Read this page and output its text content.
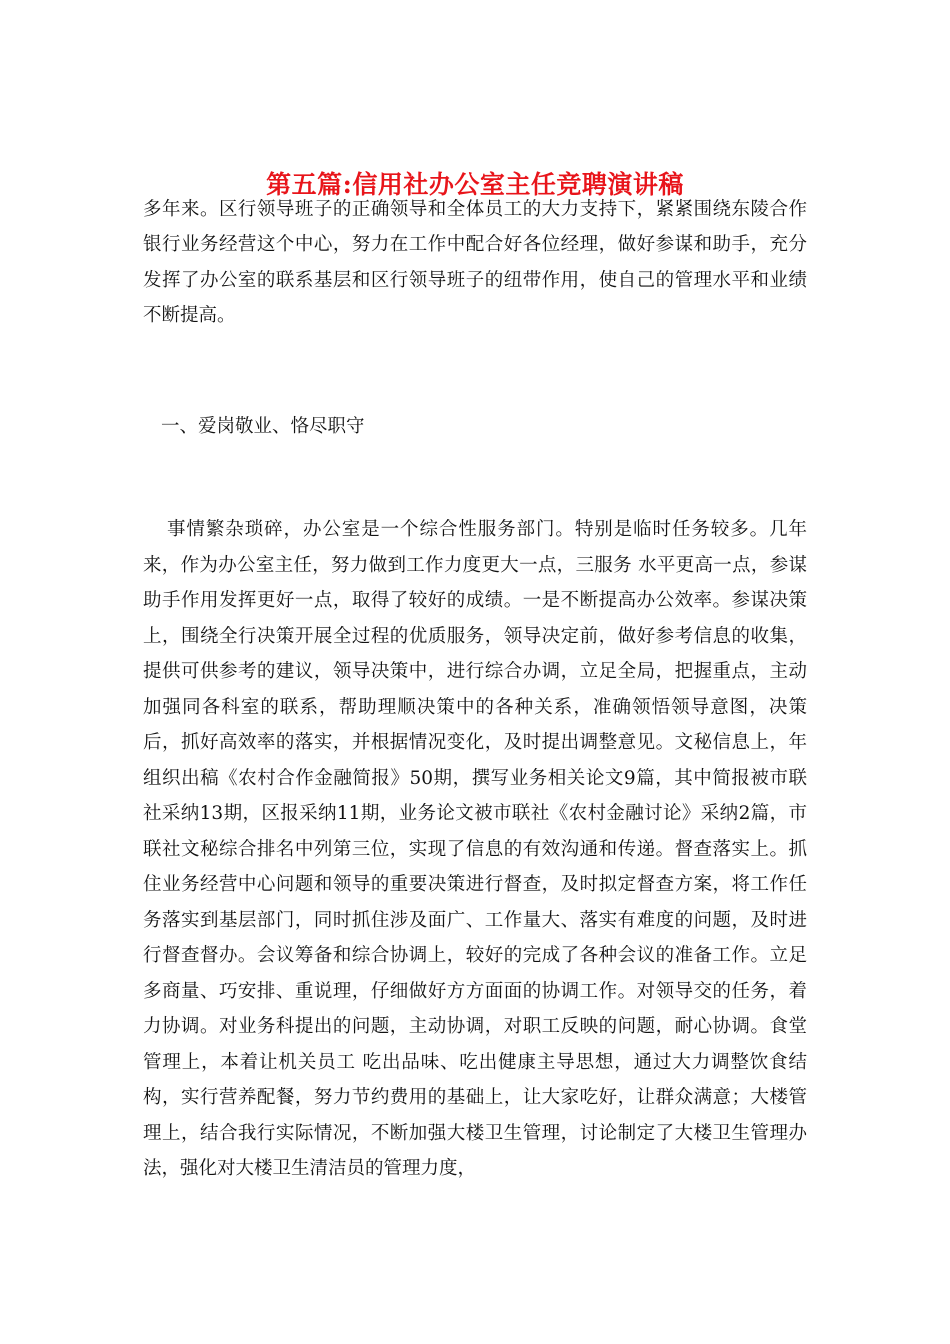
第五篇:信用社办公室主任竞聘演讲稿

多年来。区行领导班子的正确领导和全体员工的大力支持下，紧紧围绕东陵合作银行业务经营这个中心，努力在工作中配合好各位经理，做好参谋和助手，充分发挥了办公室的联系基层和区行领导班子的纽带作用，使自己的管理水平和业绩不断提高。

一、爱岗敬业、恪尽职守

事情繁杂琐碎，办公室是一个综合性服务部门。特别是临时任务较多。几年来，作为办公室主任，努力做到工作力度更大一点，三服务 水平更高一点，参谋助手作用发挥更好一点，取得了较好的成绩。一是不断提高办公效率。参谋决策上，围绕全行决策开展全过程的优质服务，领导决定前，做好参考信息的收集，提供可供参考的建议，领导决策中，进行综合办调，立足全局，把握重点，主动加强同各科室的联系，帮助理顺决策中的各种关系，准确领悟领导意图，决策后，抓好高效率的落实，并根据情况变化，及时提出调整意见。文秘信息上，年组织出稿《农村合作金融简报》50期，撰写业务相关论文9篇，其中简报被市联社采纳13期，区报采纳11期，业务论文被市联社《农村金融讨论》采纳2篇，市联社文秘综合排名中列第三位，实现了信息的有效沟通和传递。督查落实上。抓住业务经营中心问题和领导的重要决策进行督查，及时拟定督查方案，将工作任务落实到基层部门，同时抓住涉及面广、工作量大、落实有难度的问题，及时进行督查督办。会议筹备和综合协调上，较好的完成了各种会议的准备工作。立足多商量、巧安排、重说理，仔细做好方方面面的协调工作。对领导交的任务，着力协调。对业务科提出的问题，主动协调，对职工反映的问题，耐心协调。食堂管理上，本着让机关员工 吃出品味、吃出健康主导思想，通过大力调整饮食结构，实行营养配餐，努力节约费用的基础上，让大家吃好，让群众满意；大楼管理上，结合我行实际情况，不断加强大楼卫生管理，讨论制定了大楼卫生管理办法，强化对大楼卫生清洁员的管理力度，
